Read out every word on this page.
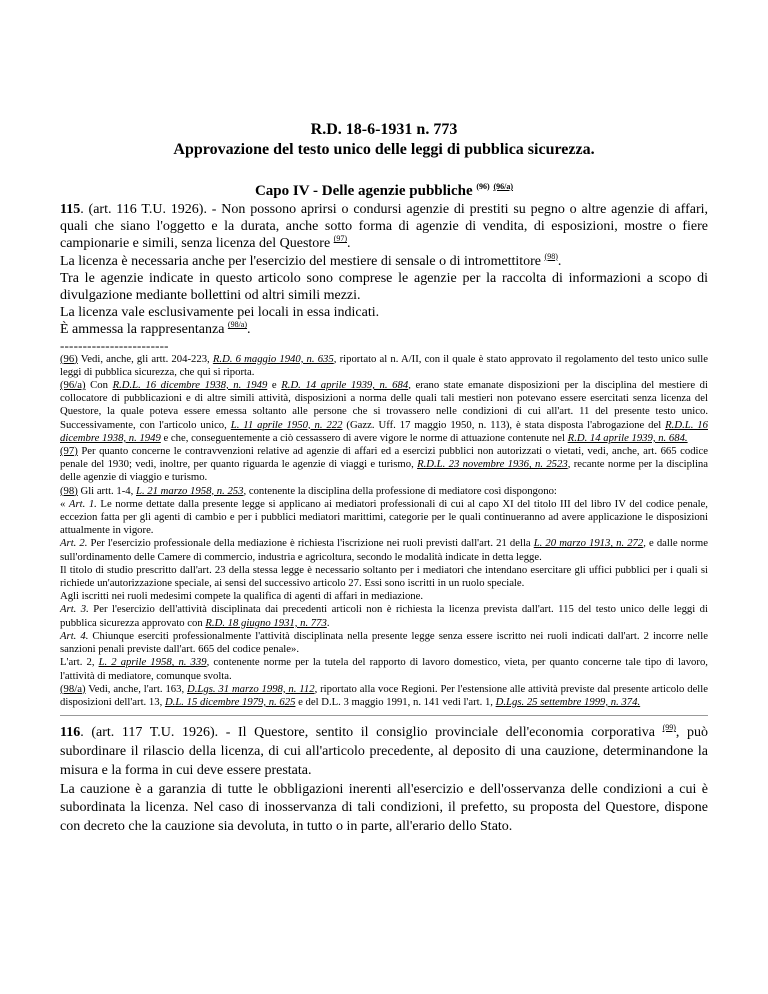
R.D. 18-6-1931 n. 773

Approvazione del testo unico delle leggi di pubblica sicurezza.

Capo IV - Delle agenzie pubbliche $^{(96)}$ $^{(96/a)}$

115. (art. 116 T.U. 1926). - Non possono aprirsi o condursi agenzie di prestiti su pegno o altre agenzie di affari, quali che siano l'oggetto e la durata, anche sotto forma di agenzie di vendita, di esposizioni, mostre o fiere campionarie e simili, senza licenza del Questore $^{(97)}$.

La licenza è necessaria anche per l'esercizio del mestiere di sensale o di intromettitore $^{(98)}$.

Tra le agenzie indicate in questo articolo sono comprese le agenzie per la raccolta di informazioni a scopo di divulgazione mediante bollettini od altri simili mezzi.

La licenza vale esclusivamente pei locali in essa indicati.

È ammessa la rappresentanza $^{(98/a)}$.

------------------------

(96) Vedi, anche, gli artt. 204-223, R.D. 6 maggio 1940, n. 635, riportato al n. A/II, con il quale è stato approvato il regolamento del testo unico sulle leggi di pubblica sicurezza, che qui si riporta.

(96/a) Con R.D.L. 16 dicembre 1938, n. 1949 e R.D. 14 aprile 1939, n. 684, erano state emanate disposizioni per la disciplina del mestiere di collocatore di pubblicazioni e di altre simili attività, disposizioni a norma delle quali tali mestieri non potevano essere esercitati senza licenza del Questore, la quale poteva essere emessa soltanto alle persone che si trovassero nelle condizioni di cui all'art. 11 del presente testo unico. Successivamente, con l'articolo unico, L. 11 aprile 1950, n. 222 (Gazz. Uff. 17 maggio 1950, n. 113), è stata disposta l'abrogazione del R.D.L. 16 dicembre 1938, n. 1949 e che, conseguentemente a ciò cessassero di avere vigore le norme di attuazione contenute nel R.D. 14 aprile 1939, n. 684.

(97) Per quanto concerne le contravvenzioni relative ad agenzie di affari ed a esercizi pubblici non autorizzati o vietati, vedi, anche, art. 665 codice penale del 1930; vedi, inoltre, per quanto riguarda le agenzie di viaggi e turismo, R.D.L. 23 novembre 1936, n. 2523, recante norme per la disciplina delle agenzie di viaggio e turismo.

(98) Gli artt. 1-4, L. 21 marzo 1958, n. 253, contenente la disciplina della professione di mediatore così dispongono:

« Art. 1. Le norme dettate dalla presente legge si applicano ai mediatori professionali di cui al capo XI del titolo III del libro IV del codice penale, eccezion fatta per gli agenti di cambio e per i pubblici mediatori marittimi, categorie per le quali continueranno ad avere applicazione le disposizioni attualmente in vigore.

Art. 2. Per l'esercizio professionale della mediazione è richiesta l'iscrizione nei ruoli previsti dall'art. 21 della L. 20 marzo 1913, n. 272, e dalle norme sull'ordinamento delle Camere di commercio, industria e agricoltura, secondo le modalità indicate in detta legge.

Il titolo di studio prescritto dall'art. 23 della stessa legge è necessario soltanto per i mediatori che intendano esercitare gli uffici pubblici per i quali si richiede un'autorizzazione speciale, ai sensi del successivo articolo 27. Essi sono iscritti in un ruolo speciale.

Agli iscritti nei ruoli medesimi compete la qualifica di agenti di affari in mediazione.

Art. 3. Per l'esercizio dell'attività disciplinata dai precedenti articoli non è richiesta la licenza prevista dall'art. 115 del testo unico delle leggi di pubblica sicurezza approvato con R.D. 18 giugno 1931, n. 773.

Art. 4. Chiunque eserciti professionalmente l'attività disciplinata nella presente legge senza essere iscritto nei ruoli indicati dall'art. 2 incorre nelle sanzioni penali previste dall'art. 665 del codice penale».

L'art. 2, L. 2 aprile 1958, n. 339, contenente norme per la tutela del rapporto di lavoro domestico, vieta, per quanto concerne tale tipo di lavoro, l'attività di mediatore, comunque svolta.

(98/a) Vedi, anche, l'art. 163, D.Lgs. 31 marzo 1998, n. 112, riportato alla voce Regioni. Per l'estensione alle attività previste dal presente articolo delle disposizioni dell'art. 13, D.L. 15 dicembre 1979, n. 625 e del D.L. 3 maggio 1991, n. 141 vedi l'art. 1, D.Lgs. 25 settembre 1999, n. 374.

116. (art. 117 T.U. 1926). - Il Questore, sentito il consiglio provinciale dell'economia corporativa $^{(99)}$, può subordinare il rilascio della licenza, di cui all'articolo precedente, al deposito di una cauzione, determinandone la misura e la forma in cui deve essere prestata.

La cauzione è a garanzia di tutte le obbligazioni inerenti all'esercizio e dell'osservanza delle condizioni a cui è subordinata la licenza. Nel caso di inosservanza di tali condizioni, il prefetto, su proposta del Questore, dispone con decreto che la cauzione sia devoluta, in tutto o in parte, all'erario dello Stato.
